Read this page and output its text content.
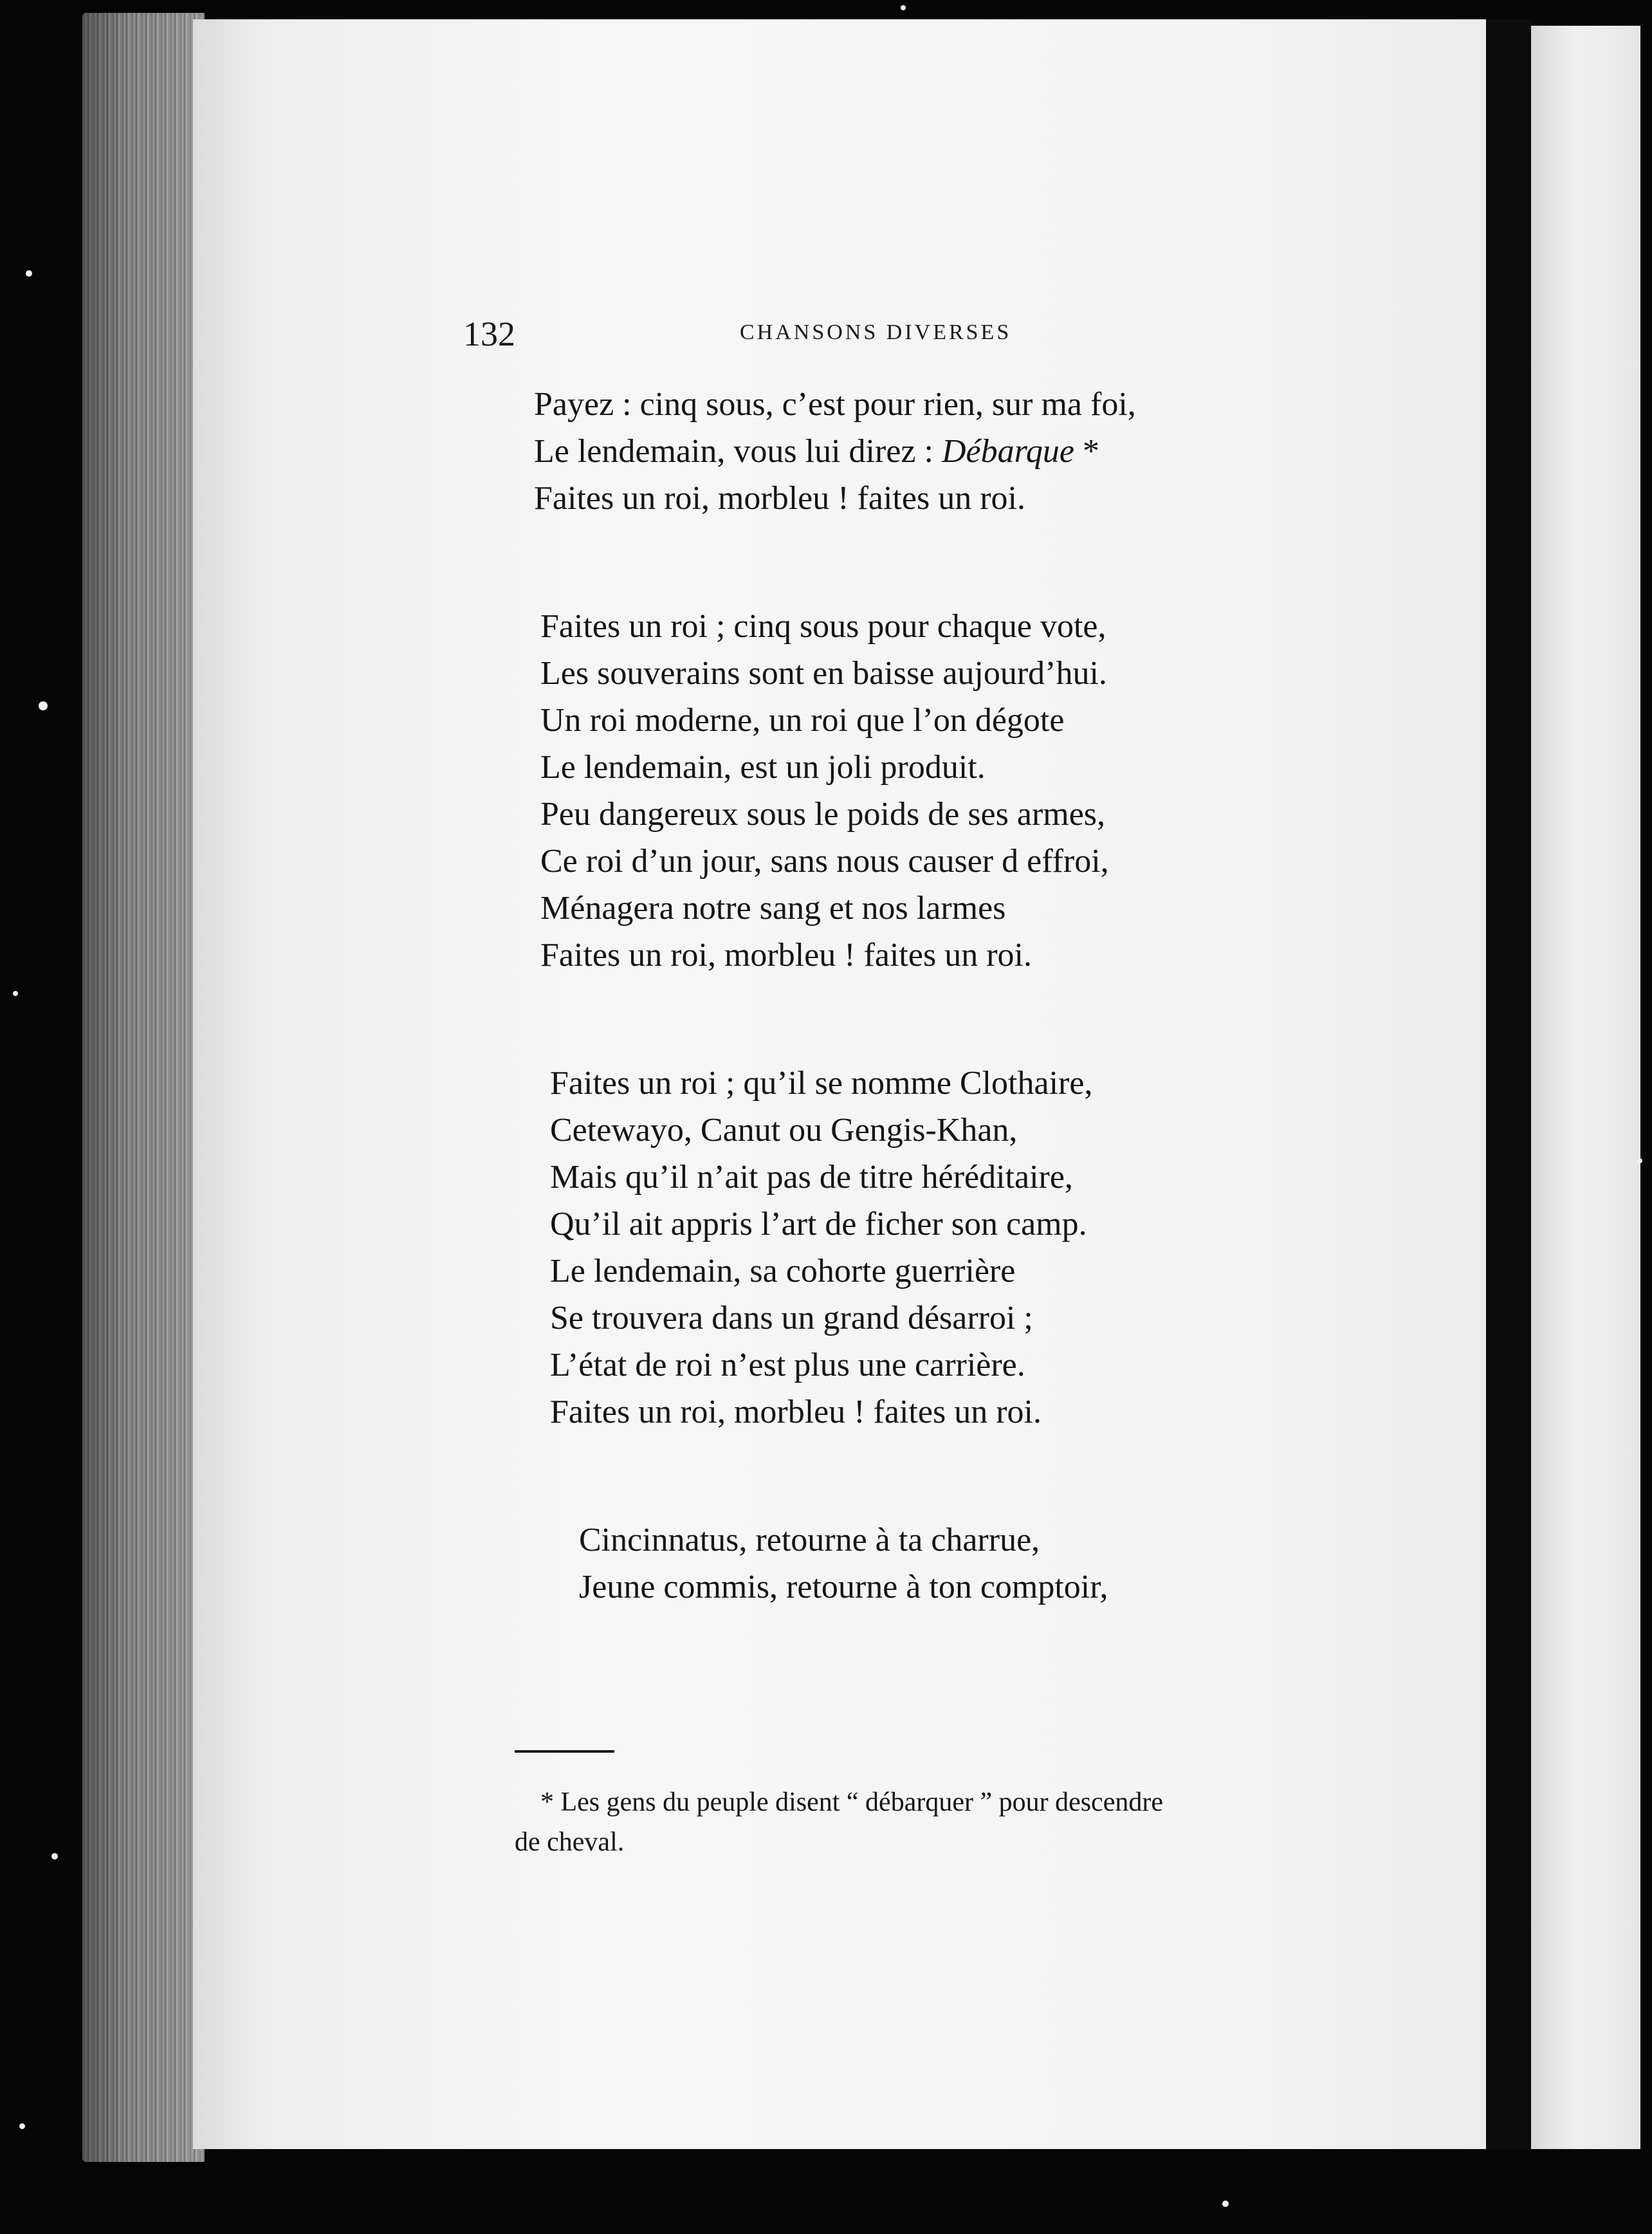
132	CHANSONS DIVERSES
Payez : cinq sous, c’est pour rien, sur ma foi,
Le lendemain, vous lui direz : Débarque *
Faites un roi, morbleu ! faites un roi.
Faites un roi ; cinq sous pour chaque vote,
Les souverains sont en baisse aujourd’hui.
Un roi moderne, un roi que l’on dégote
Le lendemain, est un joli produit.
Peu dangereux sous le poids de ses armes,
Ce roi d’un jour, sans nous causer d effroi,
Ménagera notre sang et nos larmes
Faites un roi, morbleu ! faites un roi.
Faites un roi ; qu’il se nomme Clothaire,
Cetewayo, Canut ou Gengis-Khan,
Mais qu’il n’ait pas de titre héréditaire,
Qu’il ait appris l’art de ficher son camp.
Le lendemain, sa cohorte guerrière
Se trouvera dans un grand désarroi ;
L’état de roi n’est plus une carrière.
Faites un roi, morbleu ! faites un roi.
Cincinnatus, retourne à ta charrue,
Jeune commis, retourne à ton comptoir,
* Les gens du peuple disent “ débarquer ” pour descendre
de cheval.
